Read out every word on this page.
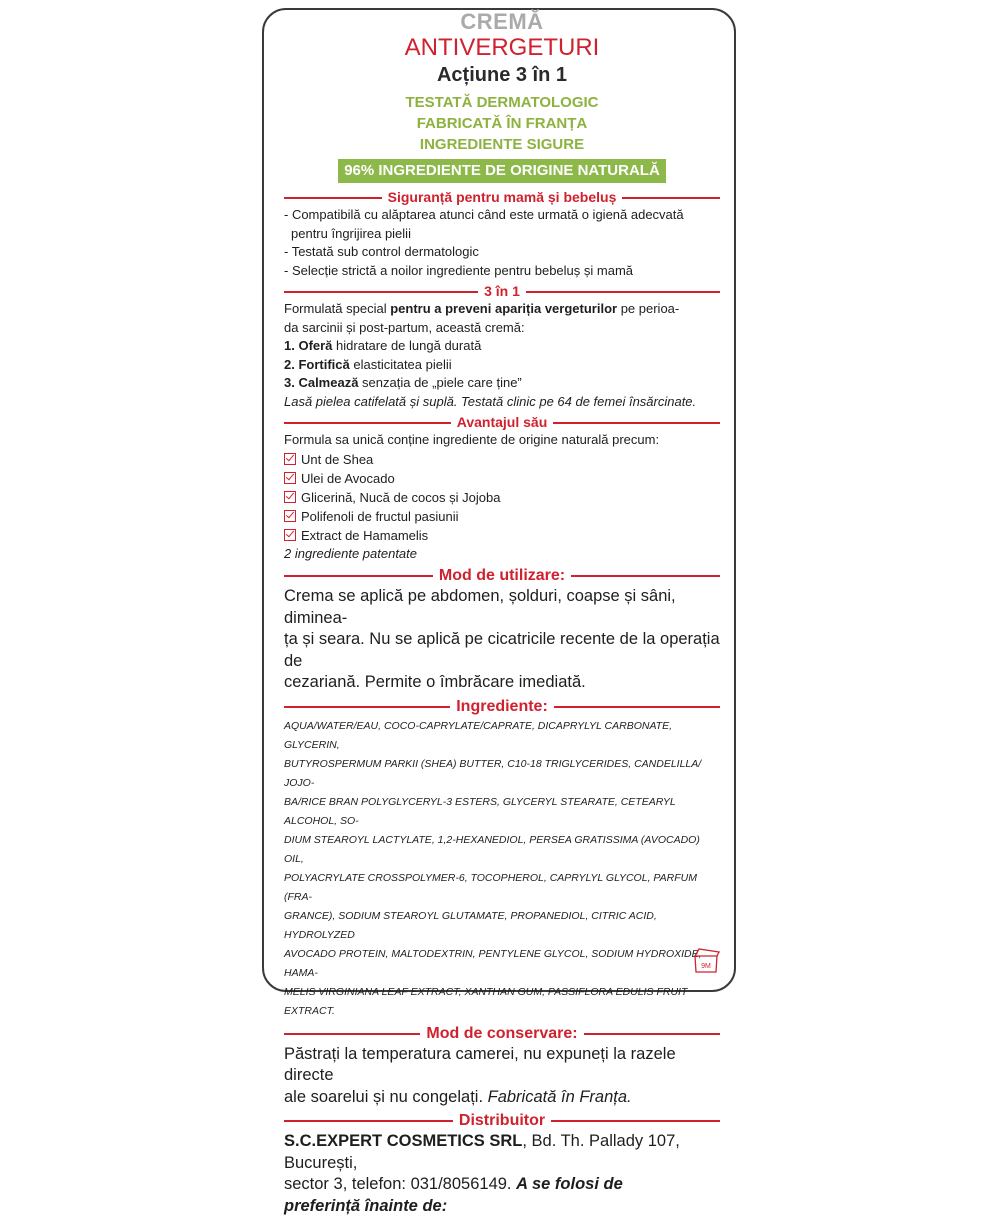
CREMĂ
ANTIVERGETURI
Acțiune 3 în 1
TESTATĂ DERMATOLOGIC
FABRICATĂ ÎN FRANȚA
INGREDIENTE SIGURE
96% INGREDIENTE DE ORIGINE NATURALĂ
Siguranță pentru mamă și bebeluș
- Compatibilă cu alăptarea atunci când este urmată o igienă adecvată
pentru îngrijirea pielii
- Testată sub control dermatologic
- Selecție strictă a noilor ingrediente pentru bebeluș și mamă
3 în 1
Formulată special pentru a preveni apariția vergeturilor pe perioa-
da sarcinii și post-partum, această cremă:
1. Oferă hidratare de lungă durată
2. Fortifică elasticitatea pielii
3. Calmează senzația de „piele care ține”
Lasă pielea catifelată și suplă. Testată clinic pe 64 de femei însărcinate.
Avantajul său
Formula sa unică conține ingrediente de origine naturală precum:
Unt de Shea
Ulei de Avocado
Glicerină, Nucă de cocos și Jojoba
Polifenoli de fructul pasiunii
Extract de Hamamelis
2 ingrediente patentate
Mod de utilizare:
Crema se aplică pe abdomen, șolduri, coapse și sâni, diminea-
ța și seara. Nu se aplică pe cicatricile recente de la operația de
cezariană. Permite o îmbrăcare imediată.
Ingrediente:
AQUA/WATER/EAU, COCO-CAPRYLATE/CAPRATE, DICAPRYLYL CARBONATE, GLYCERIN,
BUTYROSPERMUM PARKII (SHEA) BUTTER, C10-18 TRIGLYCERIDES, CANDELILLA/ JOJO-
BA/RICE BRAN POLYGLYCERYL-3 ESTERS, GLYCERYL STEARATE, CETEARYL ALCOHOL, SO-
DIUM STEAROYL LACTYLATE, 1,2-HEXANEDIOL, PERSEA GRATISSIMA (AVOCADO) OIL,
POLYACRYLATE CROSSPOLYMER-6, TOCOPHEROL, CAPRYLYL GLYCOL, PARFUM (FRA-
GRANCE), SODIUM STEAROYL GLUTAMATE, PROPANEDIOL, CITRIC ACID, HYDROLYZED
AVOCADO PROTEIN, MALTODEXTRIN, PENTYLENE GLYCOL, SODIUM HYDROXIDE, HAMA-
MELIS VIRGINIANA LEAF EXTRACT, XANTHAN GUM, PASSIFLORA EDULIS FRUIT EXTRACT.
Mod de conservare:
Păstrați la temperatura camerei, nu expuneți la razele directe
ale soarelui și nu congelați. Fabricată în Franța.
Distribuitor
S.C.EXPERT COSMETICS SRL, Bd. Th. Pallady 107, București,
sector 3, telefon: 031/8056149. A se folosi de
preferință înainte de:
9M
